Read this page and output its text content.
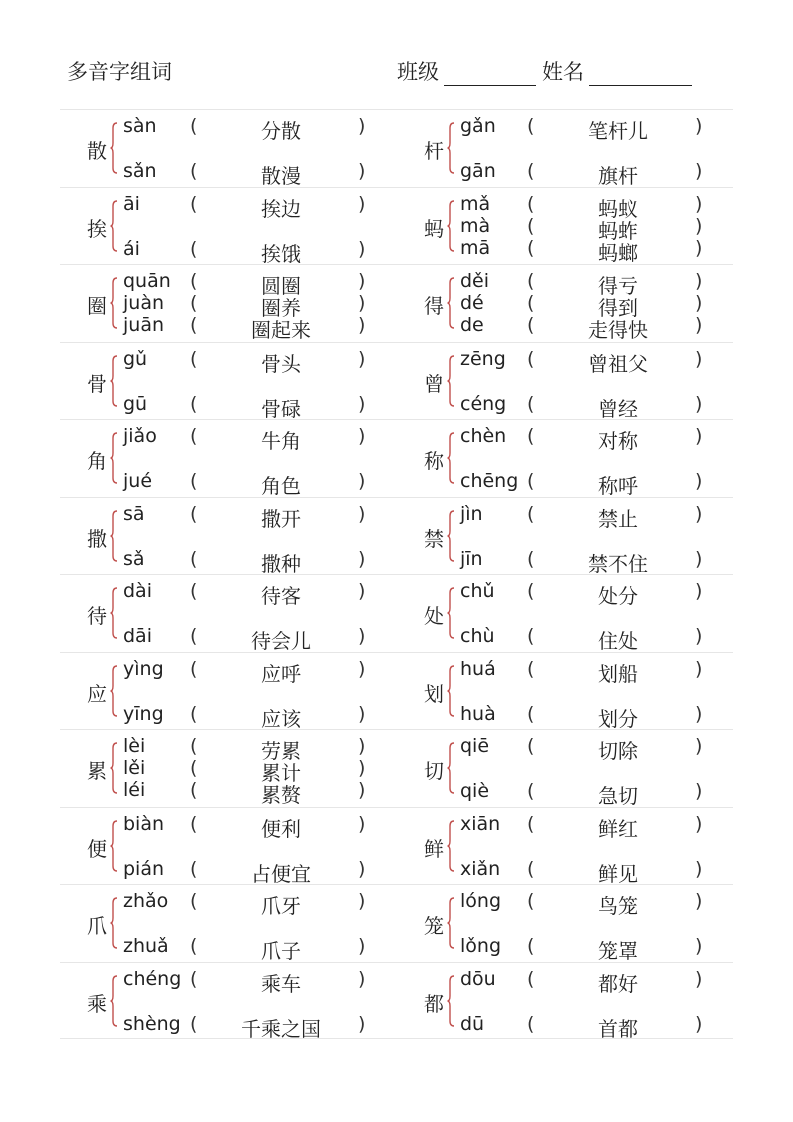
多音字组词	班级	姓名
散
sàn (	分散	)
sǎn (	散漫	)
杆
gǎn (	笔杆儿	)
gān (	旗杆	)
挨
āi	(	挨边	)
ái	(	挨饿	)
蚂
mǎ (	蚂蚁	)
mà (	蚂蚱	)
mā (	蚂螂	)
圈
quān (	圆圈	)
juàn (	圈养	)
juān (	圈起来	)
得
děi (	得亏	)
dé (	得到	)
de (	走得快	)
骨
gǔ (	骨头	)
gū (	骨碌	)
曾
zēng (	曾祖父	)
céng (	曾经	)
角
jiǎo (	牛角	)
jué (	角色	)
称
chèn (	对称	)
chēng (	称呼	)
撒
sā (	撒开	)
sǎ (	撒种	)
禁
jìn (	禁止	)
jīn (	禁不住	)
待
dài (	待客	)
dāi (	待会儿	)
处
chǔ (	处分	)
chù (	住处	)
应
yìng (	应呼	)
yīng (	应该	)
划
huá (	划船	)
huà (	划分	)
累
lèi (	劳累	)
lěi (	累计	)
léi (	累赘	)
切
qiē (	切除	)
qiè (	急切	)
便
biàn (	便利	)
pián (	占便宜	)
鲜
xiān (	鲜红	)
xiǎn (	鲜见	)
爪
zhǎo (	爪牙	)
zhuǎ (	爪子	)
笼
lóng (	鸟笼	)
lǒng (	笼罩	)
乘
chéng (	乘车	)
shèng (	千乘之国	)
都
dōu (	都好	)
dū (	首都	)
